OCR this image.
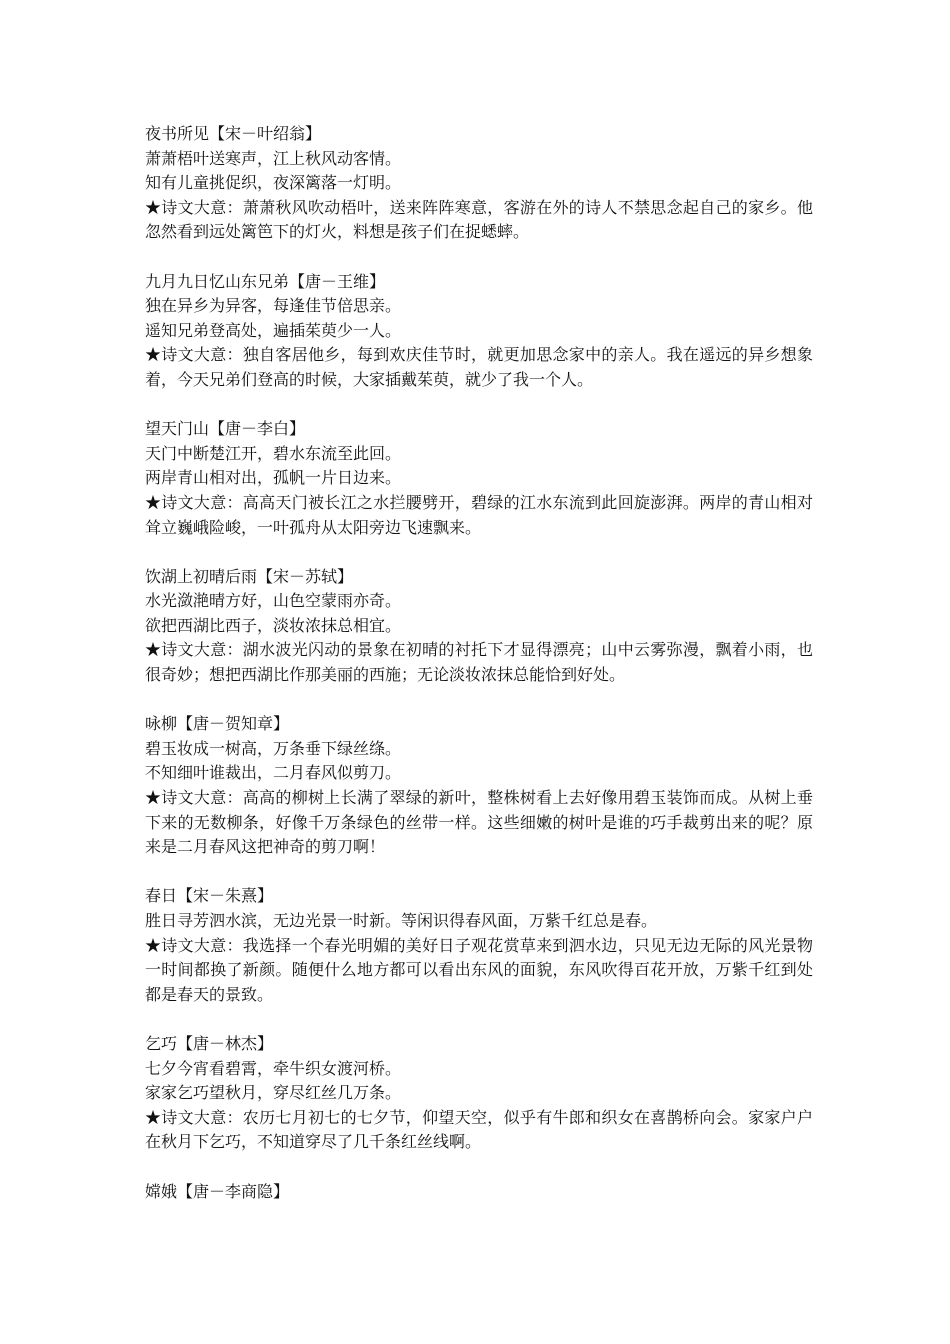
夜书所见【宋－叶绍翁】
萧萧梧叶送寒声，江上秋风动客情。
知有儿童挑促织，夜深篱落一灯明。
★诗文大意：萧萧秋风吹动梧叶，送来阵阵寒意，客游在外的诗人不禁思念起自己的家乡。他忽然看到远处篱笆下的灯火，料想是孩子们在捉蟋蟀。
九月九日忆山东兄弟【唐－王维】
独在异乡为异客，每逢佳节倍思亲。
遥知兄弟登高处，遍插茱萸少一人。
★诗文大意：独自客居他乡，每到欢庆佳节时，就更加思念家中的亲人。我在遥远的异乡想象着，今天兄弟们登高的时候，大家插戴茱萸，就少了我一个人。
望天门山【唐－李白】
天门中断楚江开，碧水东流至此回。
两岸青山相对出，孤帆一片日边来。
★诗文大意：高高天门被长江之水拦腰劈开，碧绿的江水东流到此回旋澎湃。两岸的青山相对耸立巍峨险峻，一叶孤舟从太阳旁边飞速飘来。
饮湖上初晴后雨【宋－苏轼】
水光潋滟晴方好，山色空蒙雨亦奇。
欲把西湖比西子，淡妆浓抹总相宜。
★诗文大意：湖水波光闪动的景象在初晴的衬托下才显得漂亮；山中云雾弥漫，飘着小雨，也很奇妙；想把西湖比作那美丽的西施；无论淡妆浓抹总能恰到好处。
咏柳【唐－贺知章】
碧玉妆成一树高，万条垂下绿丝绦。
不知细叶谁裁出，二月春风似剪刀。
★诗文大意：高高的柳树上长满了翠绿的新叶，整株树看上去好像用碧玉装饰而成。从树上垂下来的无数柳条，好像千万条绿色的丝带一样。这些细嫩的树叶是谁的巧手裁剪出来的呢？原来是二月春风这把神奇的剪刀啊！
春日【宋－朱熹】
胜日寻芳泗水滨，无边光景一时新。等闲识得春风面，万紫千红总是春。
★诗文大意：我选择一个春光明媚的美好日子观花赏草来到泗水边，只见无边无际的风光景物一时间都换了新颜。随便什么地方都可以看出东风的面貌，东风吹得百花开放，万紫千红到处都是春天的景致。
乞巧【唐－林杰】
七夕今宵看碧霄，牵牛织女渡河桥。
家家乞巧望秋月，穿尽红丝几万条。
★诗文大意：农历七月初七的七夕节，仰望天空，似乎有牛郎和织女在喜鹊桥向会。家家户户在秋月下乞巧，不知道穿尽了几千条红丝线啊。
嫦娥【唐－李商隐】
